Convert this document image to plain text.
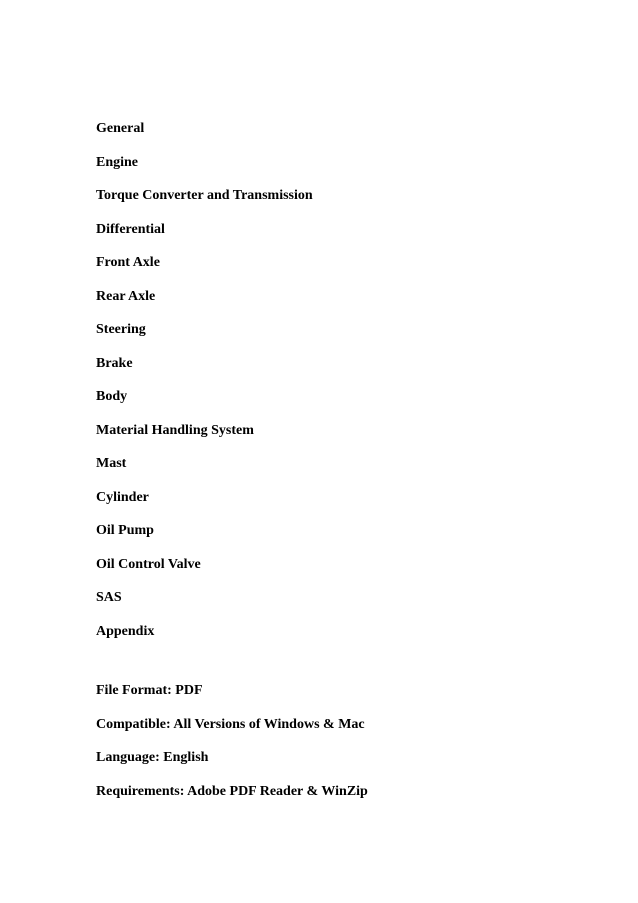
General
Engine
Torque Converter and Transmission
Differential
Front Axle
Rear Axle
Steering
Brake
Body
Material Handling System
Mast
Cylinder
Oil Pump
Oil Control Valve
SAS
Appendix
File Format: PDF
Compatible: All Versions of Windows & Mac
Language: English
Requirements: Adobe PDF Reader & WinZip
